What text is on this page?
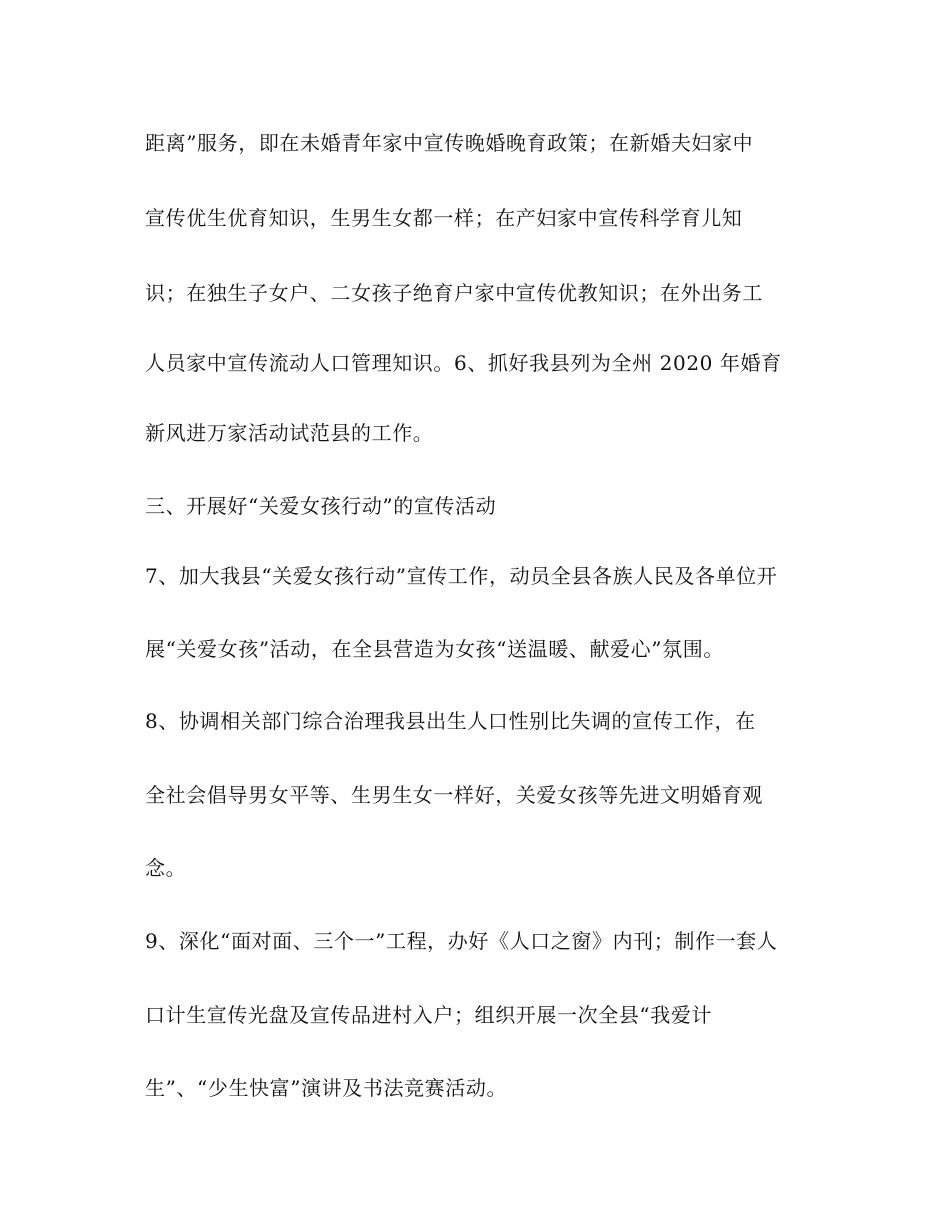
距离”服务，即在未婚青年家中宣传晚婚晚育政策；在新婚夫妇家中
宣传优生优育知识，生男生女都一样；在产妇家中宣传科学育儿知
识；在独生子女户、二女孩子绝育户家中宣传优教知识；在外出务工
人员家中宣传流动人口管理知识。6、抓好我县列为全州 2020 年婚育
新风进万家活动试范县的工作。
三、开展好“关爱女孩行动”的宣传活动
7、加大我县“关爱女孩行动”宣传工作，动员全县各族人民及各单位开
展“关爱女孩”活动，在全县营造为女孩“送温暖、献爱心”氛围。
8、协调相关部门综合治理我县出生人口性别比失调的宣传工作，在
全社会倡导男女平等、生男生女一样好，关爱女孩等先进文明婚育观
念。
9、深化“面对面、三个一”工程，办好《人口之窗》内刊；制作一套人
口计生宣传光盘及宣传品进村入户；组织开展一次全县“我爱计
生”、“少生快富”演讲及书法竞赛活动。
